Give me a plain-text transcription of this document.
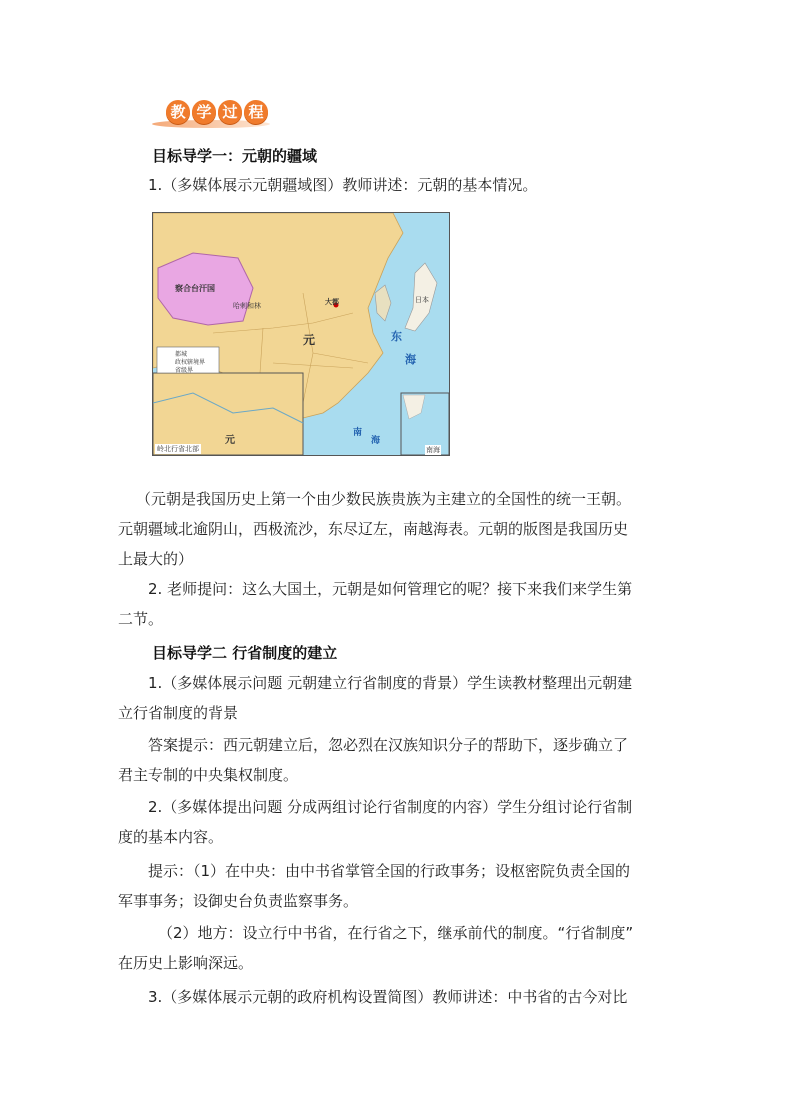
教 学 过 程
目标导学一：元朝的疆域
1.（多媒体展示元朝疆域图）教师讲述：元朝的基本情况。
察合台汗国
哈剌和林
元
大都	日本
东
海
南
海
元
岭北行省北部	南海
都城
政权辖境界
省级界
（元朝是我国历史上第一个由少数民族贵族为主建立的全国性的统一王朝。
元朝疆域北逾阴山，西极流沙，东尽辽左，南越海表。元朝的版图是我国历史
上最大的）
2. 老师提问：这么大国土，元朝是如何管理它的呢？接下来我们来学生第
二节。
目标导学二 行省制度的建立
1.（多媒体展示问题 元朝建立行省制度的背景）学生读教材整理出元朝建
立行省制度的背景
答案提示：西元朝建立后，忽必烈在汉族知识分子的帮助下，逐步确立了
君主专制的中央集权制度。
2.（多媒体提出问题 分成两组讨论行省制度的内容）学生分组讨论行省制
度的基本内容。
提示：（1）在中央：由中书省掌管全国的行政事务；设枢密院负责全国的
军事事务；设御史台负责监察事务。
（2）地方：设立行中书省，在行省之下，继承前代的制度。“行省制度”
在历史上影响深远。
3.（多媒体展示元朝的政府机构设置简图）教师讲述：中书省的古今对比
